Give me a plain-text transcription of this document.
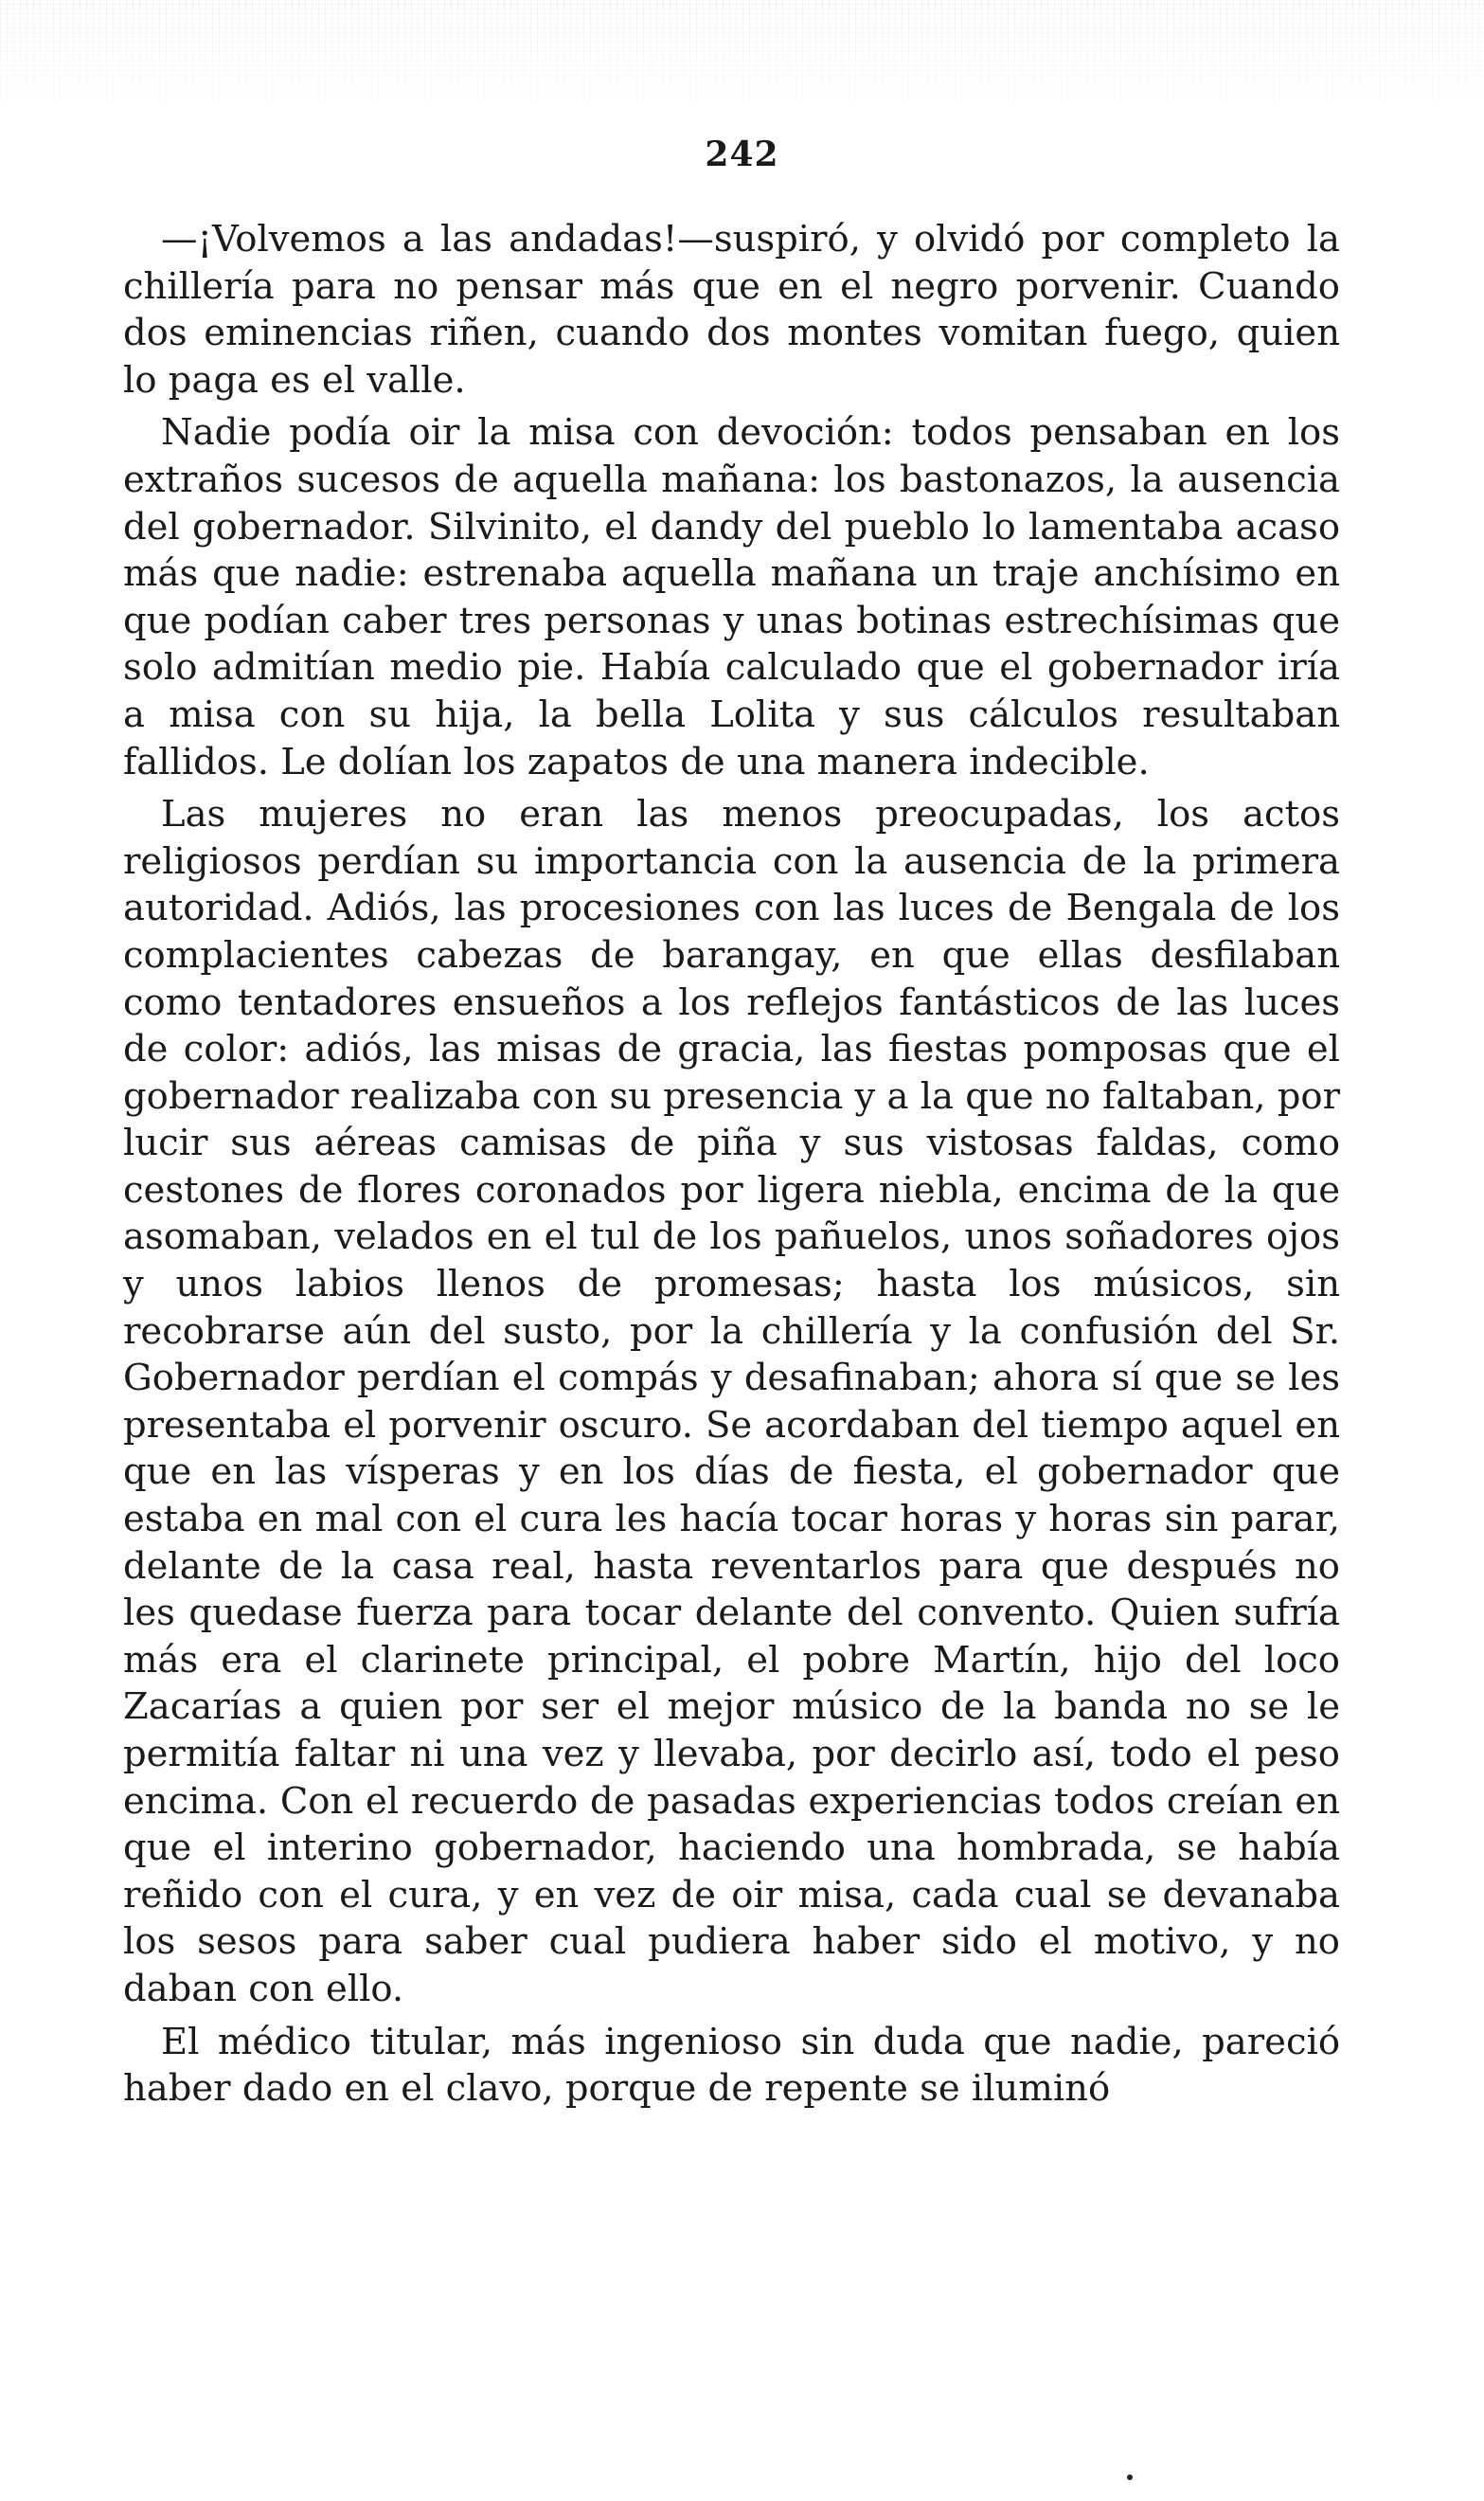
242

—¡Volvemos a las andadas!—suspiró, y olvidó por completo la chillería para no pensar más que en el negro porvenir. Cuando dos eminencias riñen, cuando dos montes vomitan fuego, quien lo paga es el valle.

Nadie podía oir la misa con devoción: todos pensaban en los extraños sucesos de aquella mañana: los bastonazos, la ausencia del gobernador. Silvinito, el dandy del pueblo lo lamentaba acaso más que nadie: estrenaba aquella mañana un traje anchísimo en que podían caber tres personas y unas botinas estrechísimas que solo admitían medio pie. Había calculado que el gobernador iría a misa con su hija, la bella Lolita y sus cálculos resultaban fallidos. Le dolían los zapatos de una manera indecible.

Las mujeres no eran las menos preocupadas, los actos religiosos perdían su importancia con la ausencia de la primera autoridad. Adiós, las procesiones con las luces de Bengala de los complacientes cabezas de barangay, en que ellas desfilaban como tentadores ensueños a los reflejos fantásticos de las luces de color: adiós, las misas de gracia, las fiestas pomposas que el gobernador realizaba con su presencia y a la que no faltaban, por lucir sus aéreas camisas de piña y sus vistosas faldas, como cestones de flores coronados por ligera niebla, encima de la que asomaban, velados en el tul de los pañuelos, unos soñadores ojos y unos labios llenos de promesas; hasta los músicos, sin recobrarse aún del susto, por la chillería y la confusión del Sr. Gobernador perdían el compás y desafinaban; ahora sí que se les presentaba el porvenir oscuro. Se acordaban del tiempo aquel en que en las vísperas y en los días de fiesta, el gobernador que estaba en mal con el cura les hacía tocar horas y horas sin parar, delante de la casa real, hasta reventarlos para que después no les quedase fuerza para tocar delante del convento. Quien sufría más era el clarinete principal, el pobre Martín, hijo del loco Zacarías a quien por ser el mejor músico de la banda no se le permitía faltar ni una vez y llevaba, por decirlo así, todo el peso encima. Con el recuerdo de pasadas experiencias todos creían en que el interino gobernador, haciendo una hombrada, se había reñido con el cura, y en vez de oir misa, cada cual se devanaba los sesos para saber cual pudiera haber sido el motivo, y no daban con ello.

El médico titular, más ingenioso sin duda que nadie, pareció haber dado en el clavo, porque de repente se iluminó
